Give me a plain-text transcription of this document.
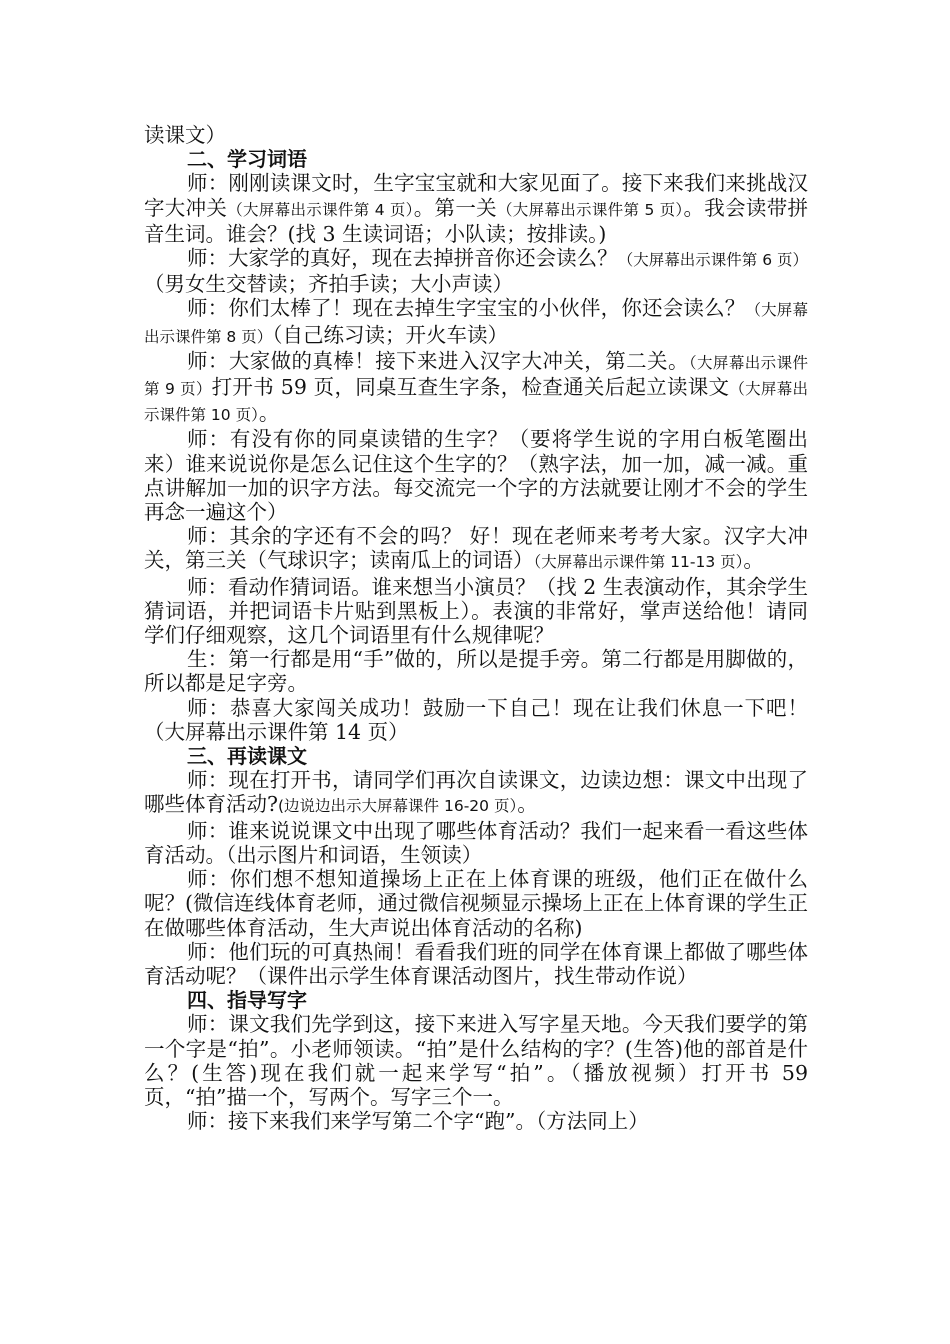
读课文）

二、学习词语

师：刚刚读课文时，生字宝宝就和大家见面了。接下来我们来挑战汉字大冲关（大屏幕出示课件第 4 页）。第一关（大屏幕出示课件第 5 页）。我会读带拼音生词。谁会？(找 3 生读词语；小队读；按排读。)

师：大家学的真好，现在去掉拼音你还会读么？（大屏幕出示课件第 6 页）（男女生交替读；齐拍手读；大小声读）

师：你们太棒了！现在去掉生字宝宝的小伙伴，你还会读么？（大屏幕出示课件第 8 页）（自己练习读；开火车读）

师：大家做的真棒！接下来进入汉字大冲关，第二关。（大屏幕出示课件第 9 页）打开书 59 页，同桌互查生字条，检查通关后起立读课文（大屏幕出示课件第 10 页）。

师：有没有你的同桌读错的生字？（要将学生说的字用白板笔圈出来）谁来说说你是怎么记住这个生字的？（熟字法，加一加，减一减。重点讲解加一加的识字方法。每交流完一个字的方法就要让刚才不会的学生再念一遍这个）

师：其余的字还有不会的吗？ 好！现在老师来考考大家。汉字大冲关，第三关（气球识字；读南瓜上的词语）（大屏幕出示课件第 11-13 页）。

师：看动作猜词语。谁来想当小演员？（找 2 生表演动作，其余学生猜词语，并把词语卡片贴到黑板上）。表演的非常好，掌声送给他！请同学们仔细观察，这几个词语里有什么规律呢？

生：第一行都是用“手”做的，所以是提手旁。第二行都是用脚做的，所以都是足字旁。

师：恭喜大家闯关成功！鼓励一下自己！现在让我们休息一下吧！（大屏幕出示课件第 14 页）

三、再读课文

师：现在打开书，请同学们再次自读课文，边读边想：课文中出现了哪些体育活动?(边说边出示大屏幕课件 16-20 页）。

师：谁来说说课文中出现了哪些体育活动？我们一起来看一看这些体育活动。（出示图片和词语，生领读）

师：你们想不想知道操场上正在上体育课的班级，他们正在做什么呢？(微信连线体育老师，通过微信视频显示操场上正在上体育课的学生正在做哪些体育活动，生大声说出体育活动的名称)

师：他们玩的可真热闹！看看我们班的同学在体育课上都做了哪些体育活动呢？（课件出示学生体育课活动图片，找生带动作说）

四、指导写字

师：课文我们先学到这，接下来进入写字星天地。今天我们要学的第一个字是“拍”。小老师领读。“拍”是什么结构的字？(生答)他的部首是什么？(生答)现在我们就一起来学写“拍”。（播放视频）打开书 59 页，“拍”描一个，写两个。写字三个一。

师：接下来我们来学写第二个字“跑”。（方法同上）
